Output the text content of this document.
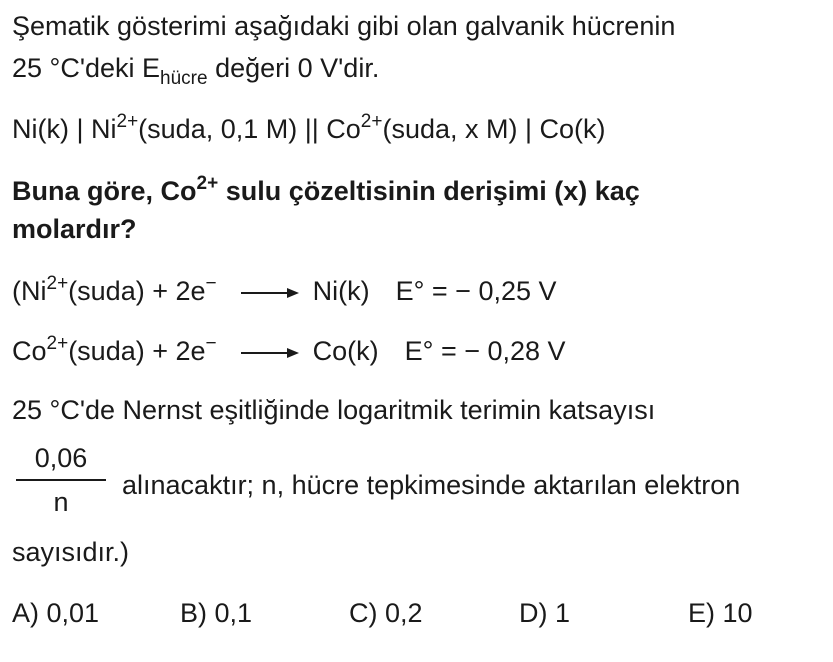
Şematik gösterimi aşağıdaki gibi olan galvanik hücrenin
25 °C'deki $E_{hücre}$ değeri 0 V'dir.
Ni(k) | $Ni^{2+}(suda$, 0,1 M) || $Co^{2+}(suda$, x M) | Co(k)
Buna göre, $Co^{2+}$ sulu çözeltisinin derişimi (x) kaç
molardır?
($Ni^{2+}(suda) + 2e^- \to Ni(k) E^\circ$ = − 0,25 V
$Co^{2+}(suda) + 2e^- \to Co(k) E^\circ$ = − 0,28 V
25 °C'de Nernst eşitliğinde logaritmik terimin katsayısı
0,06
n
alınacaktır; n, hücre tepkimesinde aktarılan elektron
sayısıdır.)
A) 0,01	B) 0,1	C) 0,2	D) 1	E) 10
